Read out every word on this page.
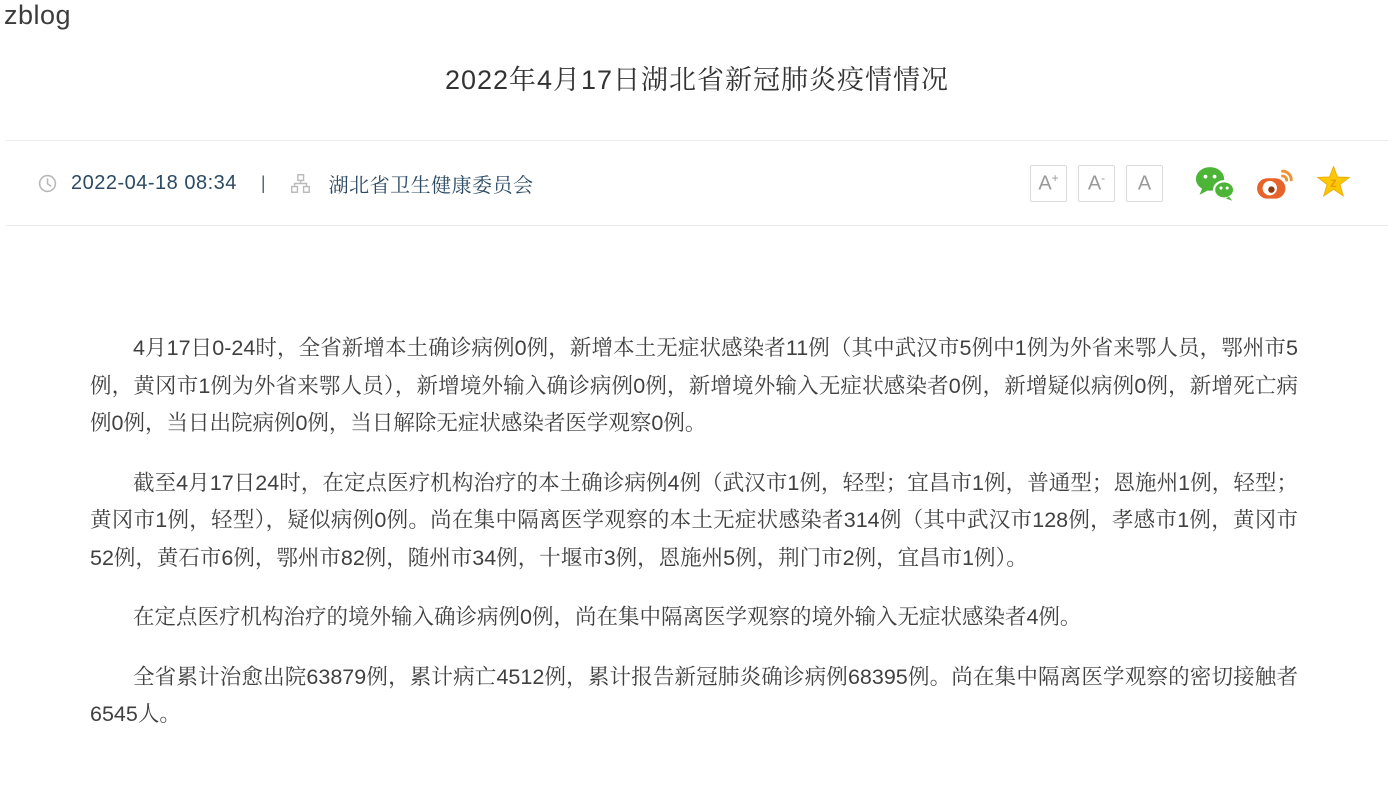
zblog
2022年4月17日湖北省新冠肺炎疫情情况
2022-04-18 08:34 |	湖北省卫生健康委员会	A+	A-	A	z

4月17日0-24时，全省新增本土确诊病例0例，新增本土无症状感染者11例（其中武汉市5例中1例为外省来鄂人员，鄂州市5例，黄冈市1例为外省来鄂人员），新增境外输入确诊病例0例，新增境外输入无症状感染者0例，新增疑似病例0例，新增死亡病例0例，当日出院病例0例，当日解除无症状感染者医学观察0例。

截至4月17日24时，在定点医疗机构治疗的本土确诊病例4例（武汉市1例，轻型；宜昌市1例，普通型；恩施州1例，轻型；黄冈市1例，轻型），疑似病例0例。尚在集中隔离医学观察的本土无症状感染者314例（其中武汉市128例，孝感市1例，黄冈市52例，黄石市6例，鄂州市82例，随州市34例，十堰市3例，恩施州5例，荆门市2例，宜昌市1例）。

在定点医疗机构治疗的境外输入确诊病例0例，尚在集中隔离医学观察的境外输入无症状感染者4例。

全省累计治愈出院63879例，累计病亡4512例，累计报告新冠肺炎确诊病例68395例。尚在集中隔离医学观察的密切接触者6545人。
